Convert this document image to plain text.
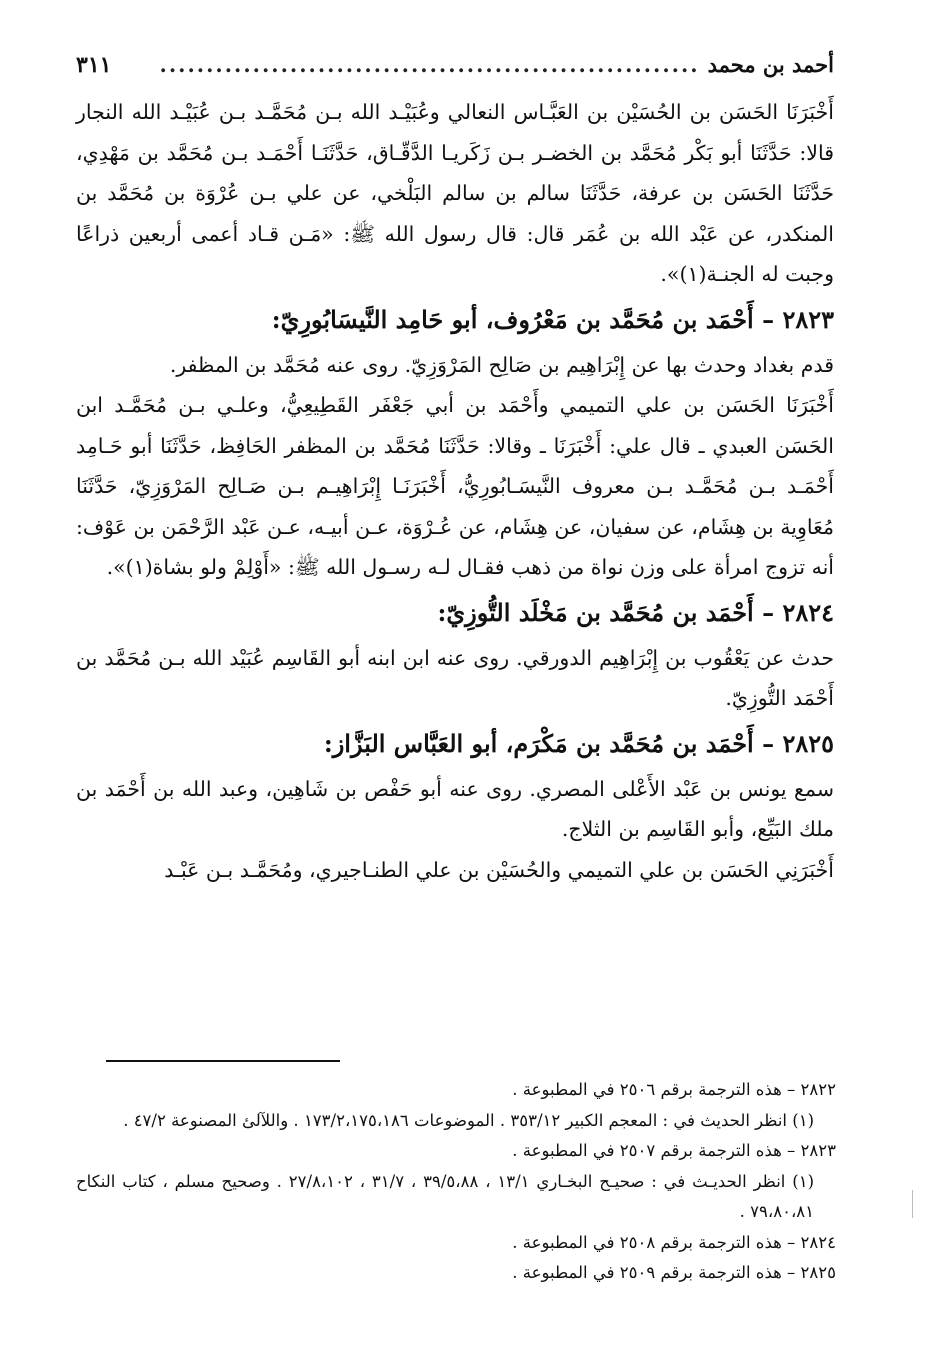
أحمد بن محمد
..........................................................
٣١١

أَخْبَرَنَا الحَسَن بن الحُسَيْن بن العَبَّـاس النعالي وعُبَيْـد الله بـن مُحَمَّـد بـن عُبَيْـد الله النجار قالا: حَدَّثَنَا أبو بَكْر مُحَمَّد بن الخضـر بـن زَكَريـا الدَّقّـاق، حَدَّثَنَـا أَحْمَـد بـن مُحَمَّد بن مَهْدِي، حَدَّثَنَا الحَسَن بن عرفة، حَدَّثَنَا سالم بن سالم البَلْخي، عن علي بـن عُرْوَة بن مُحَمَّد بن المنكدر، عن عَبْد الله بن عُمَر قال: قال رسول الله ﷺ: «مَـن قـاد أعمى أربعين ذراعًا وجبت له الجنـة(١)».

٢٨٢٣ – أَحْمَد بن مُحَمَّد بن مَعْرُوف، أبو حَامِد النَّيسَابُورِيّ:

قدم بغداد وحدث بها عن إِبْرَاهِيم بن صَالِح المَرْوَزِيّ. روى عنه مُحَمَّد بن المظفر.

أَخْبَرَنَا الحَسَن بن علي التميمي وأَحْمَد بن أبي جَعْفَر القَطِيعِيُّ، وعلـي بـن مُحَمَّـد ابن الحَسَن العبدي ـ قال علي: أَخْبَرَنَا ـ وقالا: حَدَّثَنَا مُحَمَّد بن المظفر الحَافِظ، حَدَّثَنَا أبو حَـامِد أَحْمَـد بـن مُحَمَّـد بـن معروف النَّيسَـابُورِيُّ، أَخْبَرَنَـا إِبْرَاهِيـم بـن صَـالِح المَرْوَزِيّ، حَدَّثَنَا مُعَاوِية بن هِشَام، عن سفيان، عن هِشَام، عن عُـرْوَة، عـن أبيـه، عـن عَبْد الرَّحْمَن بن عَوْف: أنه تزوج امرأة على وزن نواة من ذهب فقـال لـه رسـول الله ﷺ: «أَوْلِمْ ولو بشاة(١)».

٢٨٢٤ – أَحْمَد بن مُحَمَّد بن مَخْلَد التُّوزِيّ:

حدث عن يَعْقُوب بن إِبْرَاهِيم الدورقي. روى عنه ابن ابنه أبو القَاسِم عُبَيْد الله بـن مُحَمَّد بن أَحْمَد التُّوزِيّ.

٢٨٢٥ – أَحْمَد بن مُحَمَّد بن مَكْرَم، أبو العَبَّاس البَزَّاز:

سمع يونس بن عَبْد الأَعْلى المصري. روى عنه أبو حَفْص بن شَاهِين، وعبد الله بن أَحْمَد بن ملك البَيِّع، وأبو القَاسِم بن الثلاج.

أَخْبَرَنِي الحَسَن بن علي التميمي والحُسَيْن بن علي الطنـاجيري، ومُحَمَّـد بـن عَبْـد

٢٨٢٢ – هذه الترجمة برقم ٢٥٠٦ في المطبوعة .

(١) انظر الحديث في : المعجم الكبير ٣٥٣/١٢ . الموضوعات ١٧٣/٢،١٧٥،١٨٦ . واللآلئ المصنوعة ٤٧/٢ .

٢٨٢٣ – هذه الترجمة برقم ٢٥٠٧ في المطبوعة .

(١) انظر الحديـث في : صحيـح البخـاري ١٣/١ ، ٣٩/٥،٨٨ ، ٣١/٧ ، ٢٧/٨،١٠٢ . وصحيح مسلم ، كتاب النكاح ٧٩،٨٠،٨١ .

٢٨٢٤ – هذه الترجمة برقم ٢٥٠٨ في المطبوعة .

٢٨٢٥ – هذه الترجمة برقم ٢٥٠٩ في المطبوعة .
